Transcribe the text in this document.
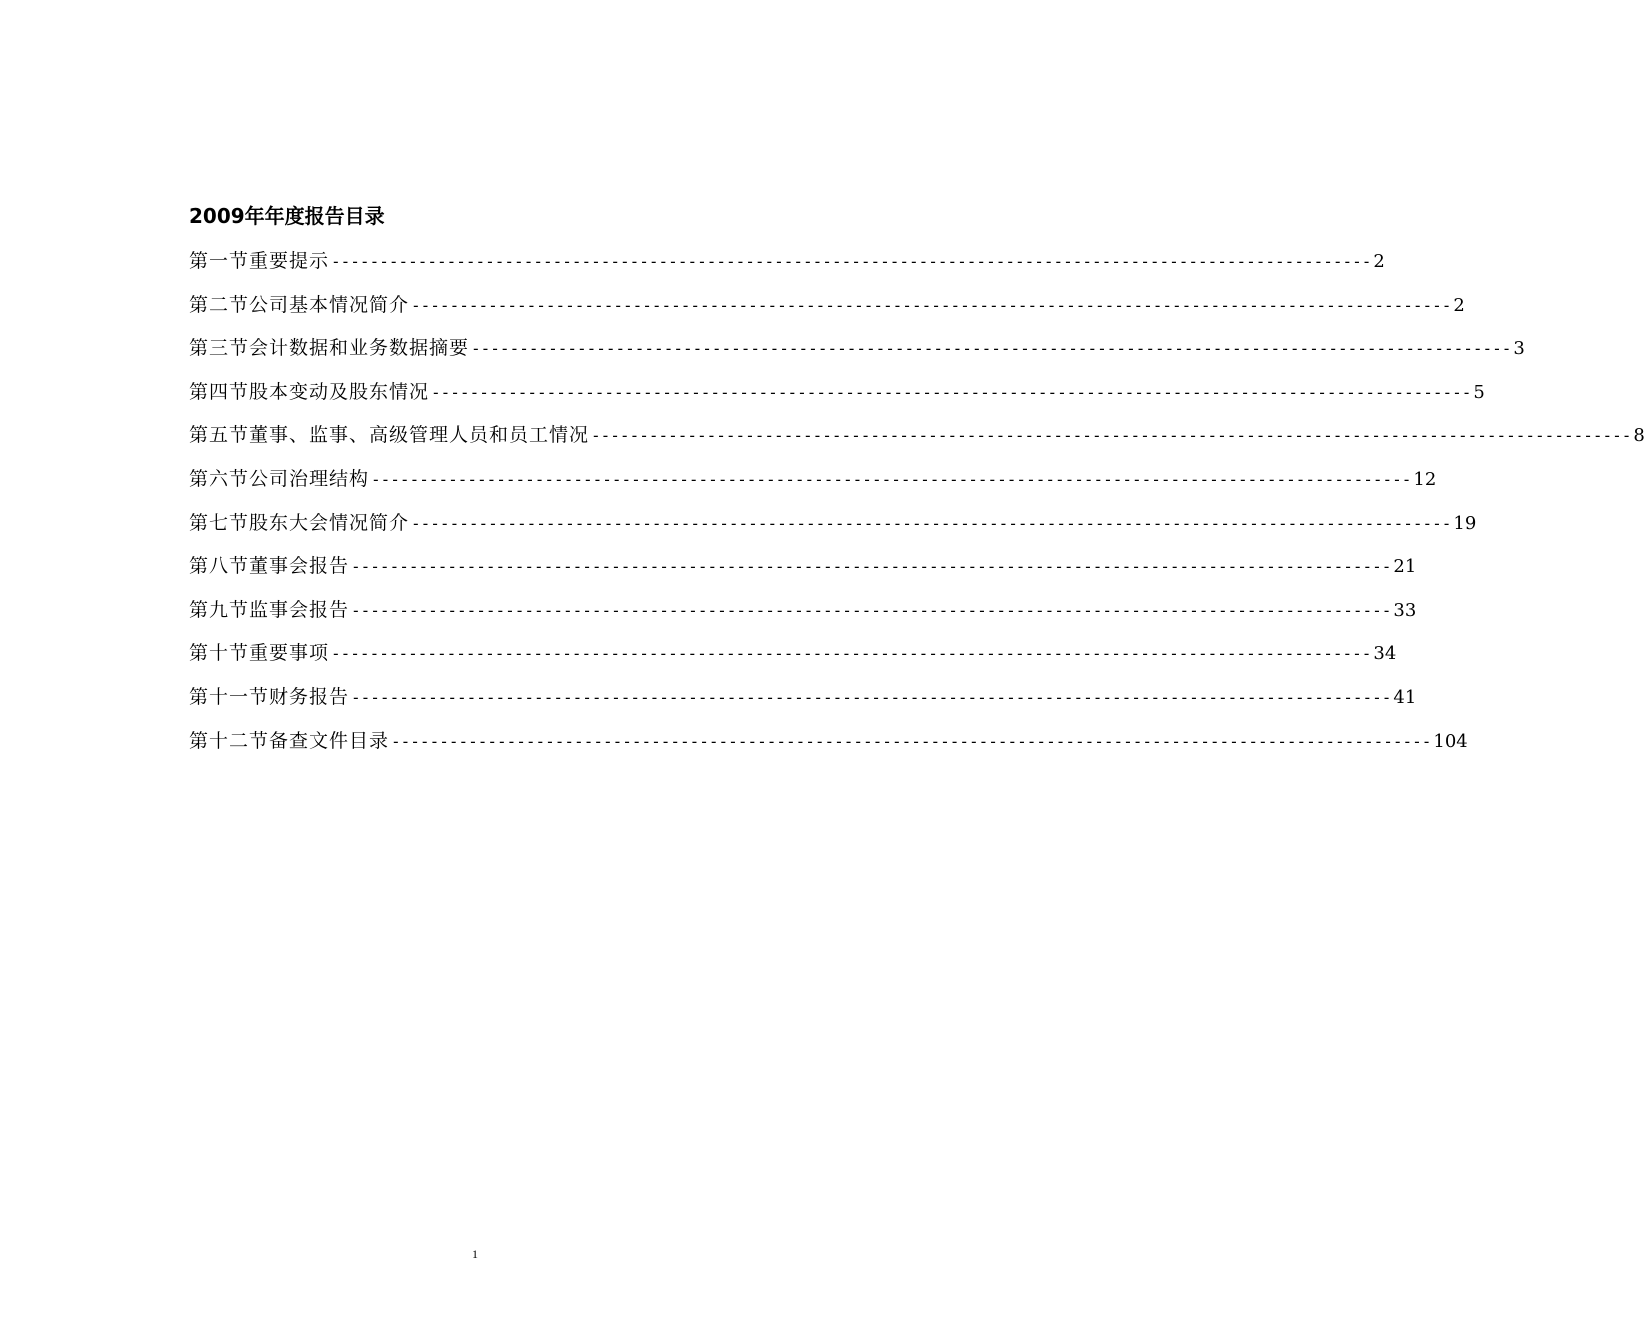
2009年年度报告目录
第一节 重要提示 ------------------------------------------------------------------------------------------------------------ 2
第二节 公司基本情况简介 ------------------------------------------------------------------------------------------------------------ 2
第三节 会计数据和业务数据摘要 ------------------------------------------------------------------------------------------------------------ 3
第四节 股本变动及股东情况 ------------------------------------------------------------------------------------------------------------ 5
第五节 董事、监事、高级管理人员和员工情况 ------------------------------------------------------------------------------------------------------------ 8
第六节 公司治理结构 ------------------------------------------------------------------------------------------------------------ 12
第七节 股东大会情况简介 ------------------------------------------------------------------------------------------------------------ 19
第八节 董事会报告 ------------------------------------------------------------------------------------------------------------ 21
第九节 监事会报告 ------------------------------------------------------------------------------------------------------------ 33
第十节 重要事项 ------------------------------------------------------------------------------------------------------------ 34
第十一节 财务报告 ------------------------------------------------------------------------------------------------------------ 41
第十二节 备查文件目录 ------------------------------------------------------------------------------------------------------------ 104
1
